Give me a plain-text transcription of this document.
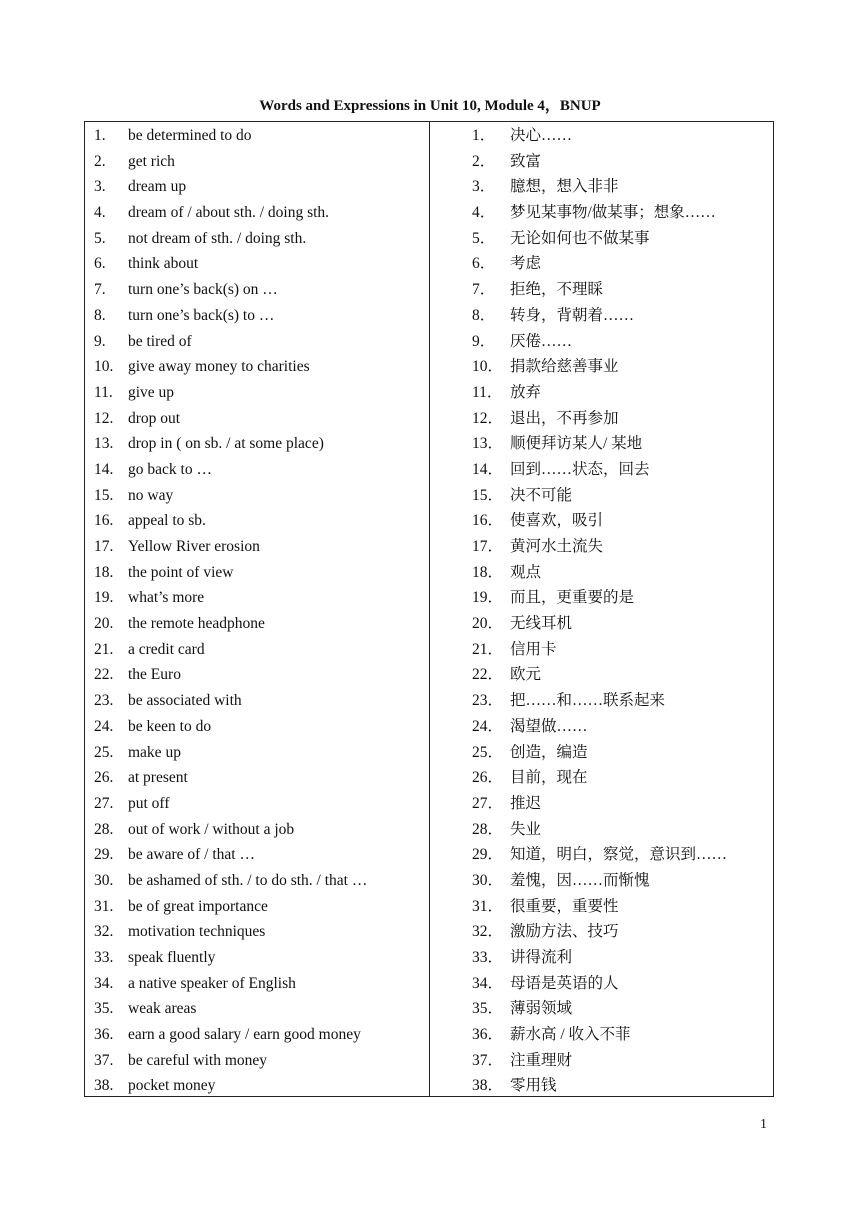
Words and Expressions in Unit 10, Module 4，BNUP
1. be determined to do
2. get rich
3. dream up
4. dream of / about sth. / doing sth.
5. not dream of sth. / doing sth.
6. think about
7. turn one’s back(s) on …
8. turn one’s back(s) to …
9. be tired of
10. give away money to charities
11. give up
12. drop out
13. drop in ( on sb. / at some place)
14. go back to …
15. no way
16. appeal to sb.
17. Yellow River erosion
18. the point of view
19. what’s more
20. the remote headphone
21. a credit card
22. the Euro
23. be associated with
24. be keen to do
25. make up
26. at present
27. put off
28. out of work / without a job
29. be aware of / that …
30. be ashamed of sth. / to do sth. / that …
31. be of great importance
32. motivation techniques
33. speak fluently
34. a native speaker of English
35. weak areas
36. earn a good salary / earn good money
37. be careful with money
38. pocket money
1． 决心……
2． 致富
3． 臆想，想入非非
4． 梦见某事物/做某事；想象……
5． 无论如何也不做某事
6． 考虑
7． 拒绝，不理睬
8． 转身，背朝着……
9． 厌倦……
10． 捐款给慈善事业
11． 放弃
12． 退出，不再参加
13． 顺便拜访某人/ 某地
14． 回到……状态，回去
15． 决不可能
16． 使喜欢，吸引
17． 黄河水土流失
18． 观点
19． 而且，更重要的是
20． 无线耳机
21． 信用卡
22． 欧元
23． 把……和……联系起来
24． 渴望做……
25． 创造，编造
26． 目前，现在
27． 推迟
28． 失业
29． 知道，明白，察觉，意识到……
30． 羞愧，因……而惭愧
31． 很重要，重要性
32． 激励方法、技巧
33． 讲得流利
34． 母语是英语的人
35． 薄弱领域
36． 薪水高 / 收入不菲
37． 注重理财
38． 零用钱
1
